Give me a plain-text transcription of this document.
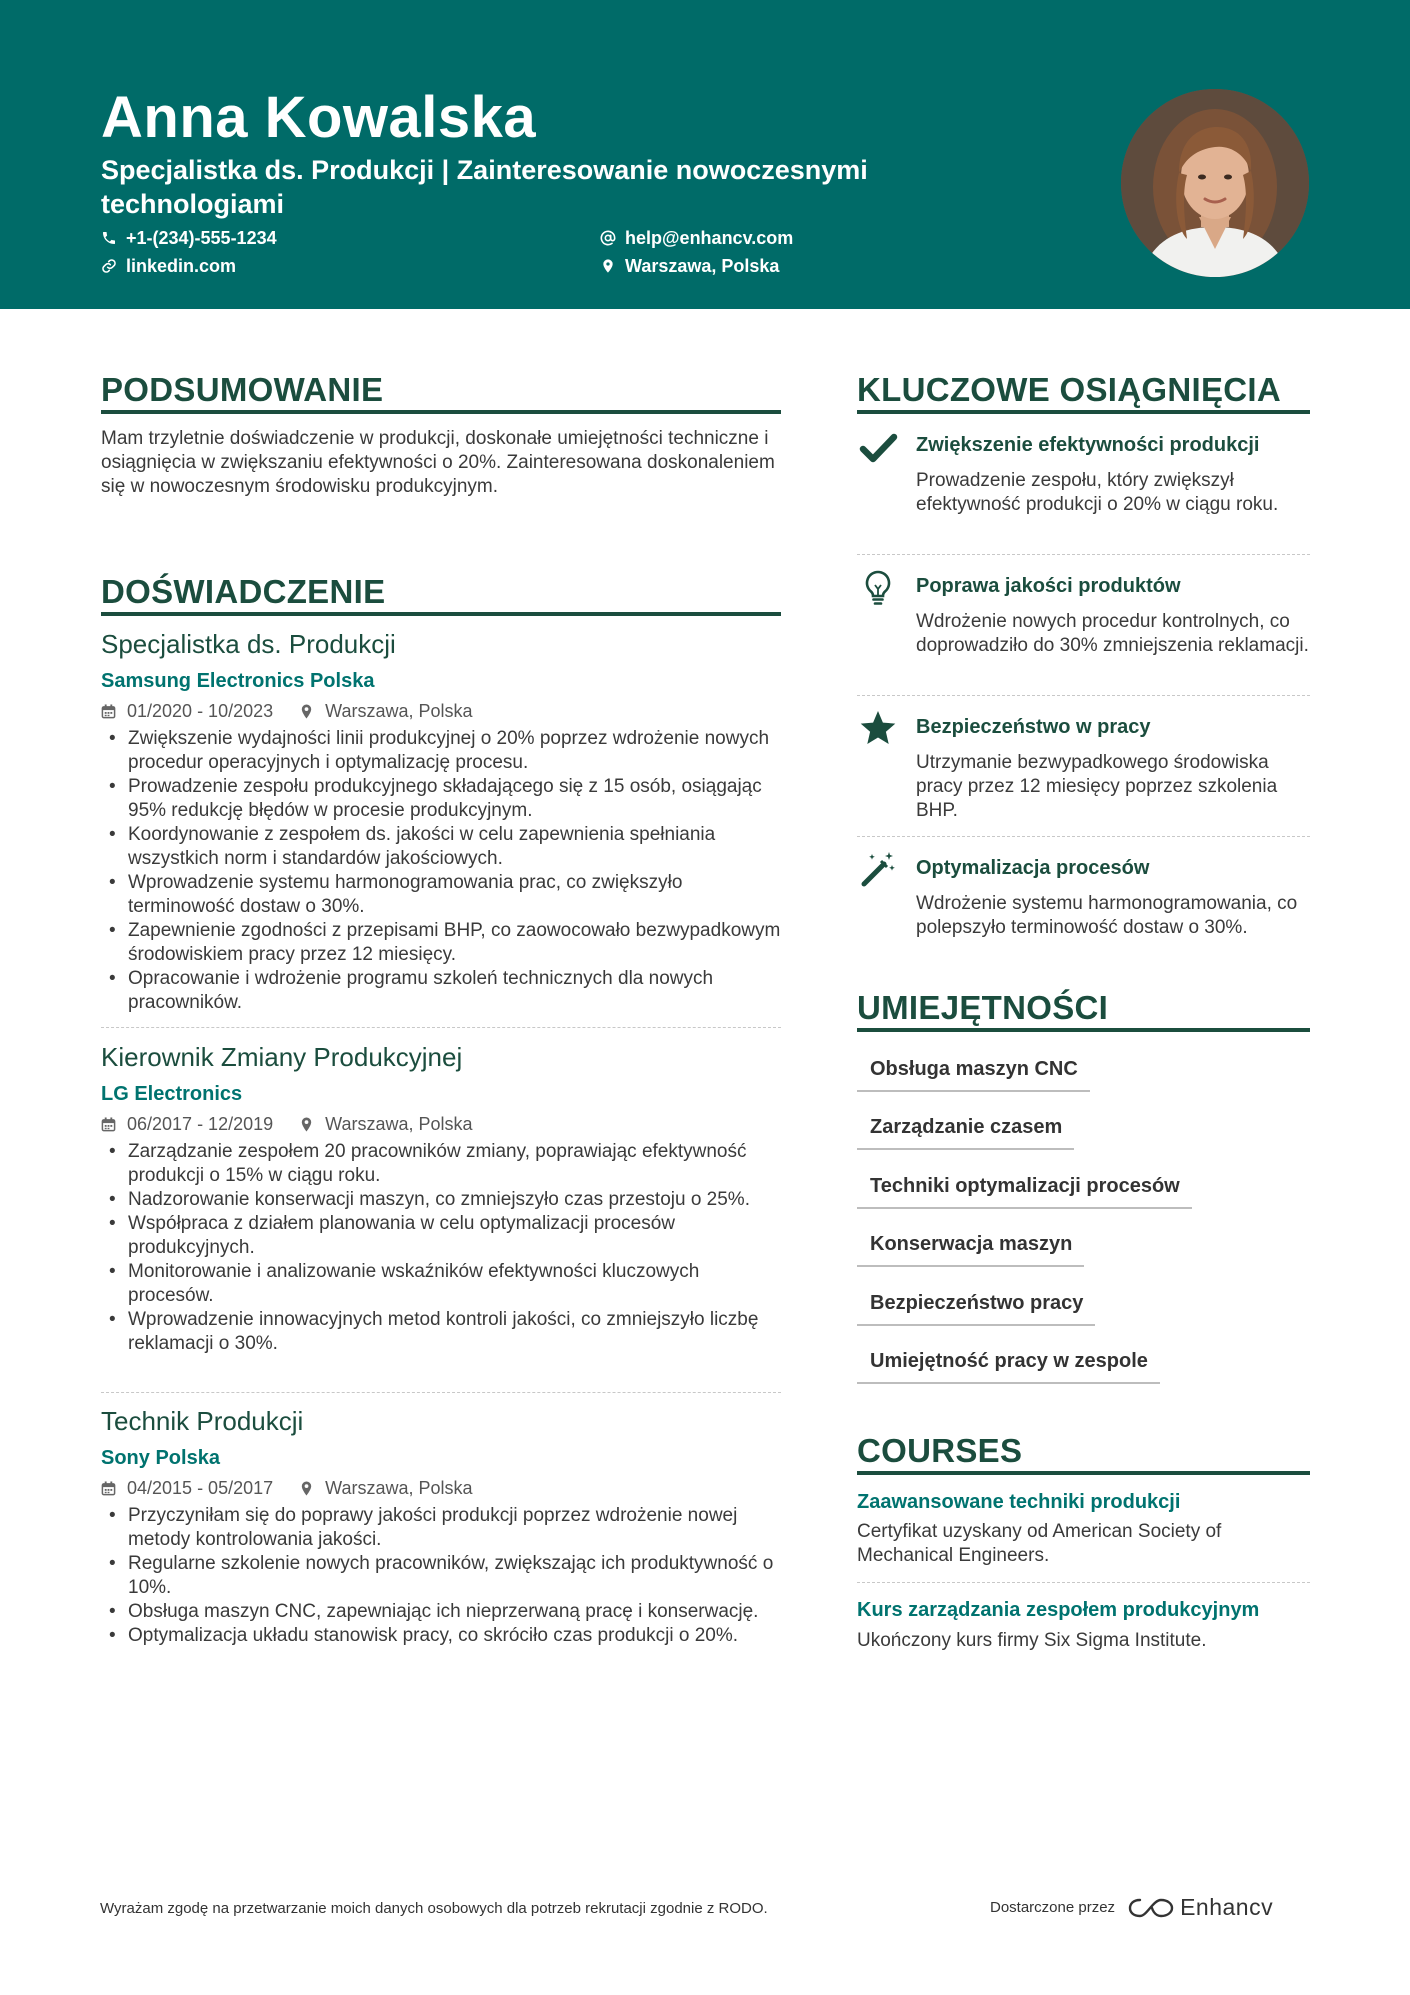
Anna Kowalska
Specjalistka ds. Produkcji | Zainteresowanie nowoczesnymi technologiami
+1-(234)-555-1234	help@enhancv.com
linkedin.com	Warszawa, Polska
PODSUMOWANIE
Mam trzyletnie doświadczenie w produkcji, doskonałe umiejętności techniczne i osiągnięcia w zwiększaniu efektywności o 20%. Zainteresowana doskonaleniem się w nowoczesnym środowisku produkcyjnym.
DOŚWIADCZENIE
Specjalistka ds. Produkcji
Samsung Electronics Polska
01/2020 - 10/2023	Warszawa, Polska
• Zwiększenie wydajności linii produkcyjnej o 20% poprzez wdrożenie nowych procedur operacyjnych i optymalizację procesu.
• Prowadzenie zespołu produkcyjnego składającego się z 15 osób, osiągając 95% redukcję błędów w procesie produkcyjnym.
• Koordynowanie z zespołem ds. jakości w celu zapewnienia spełniania wszystkich norm i standardów jakościowych.
• Wprowadzenie systemu harmonogramowania prac, co zwiększyło terminowość dostaw o 30%.
• Zapewnienie zgodności z przepisami BHP, co zaowocowało bezwypadkowym środowiskiem pracy przez 12 miesięcy.
• Opracowanie i wdrożenie programu szkoleń technicznych dla nowych pracowników.
Kierownik Zmiany Produkcyjnej
LG Electronics
06/2017 - 12/2019	Warszawa, Polska
• Zarządzanie zespołem 20 pracowników zmiany, poprawiając efektywność produkcji o 15% w ciągu roku.
• Nadzorowanie konserwacji maszyn, co zmniejszyło czas przestoju o 25%.
• Współpraca z działem planowania w celu optymalizacji procesów produkcyjnych.
• Monitorowanie i analizowanie wskaźników efektywności kluczowych procesów.
• Wprowadzenie innowacyjnych metod kontroli jakości, co zmniejszyło liczbę reklamacji o 30%.
Technik Produkcji
Sony Polska
04/2015 - 05/2017	Warszawa, Polska
• Przyczyniłam się do poprawy jakości produkcji poprzez wdrożenie nowej metody kontrolowania jakości.
• Regularne szkolenie nowych pracowników, zwiększając ich produktywność o 10%.
• Obsługa maszyn CNC, zapewniając ich nieprzerwaną pracę i konserwację.
• Optymalizacja układu stanowisk pracy, co skróciło czas produkcji o 20%.
KLUCZOWE OSIĄGNIĘCIA
Zwiększenie efektywności produkcji
Prowadzenie zespołu, który zwiększył efektywność produkcji o 20% w ciągu roku.
Poprawa jakości produktów
Wdrożenie nowych procedur kontrolnych, co doprowadziło do 30% zmniejszenia reklamacji.
Bezpieczeństwo w pracy
Utrzymanie bezwypadkowego środowiska pracy przez 12 miesięcy poprzez szkolenia BHP.
Optymalizacja procesów
Wdrożenie systemu harmonogramowania, co polepszyło terminowość dostaw o 30%.
UMIEJĘTNOŚCI
Obsługa maszyn CNC
Zarządzanie czasem
Techniki optymalizacji procesów
Konserwacja maszyn
Bezpieczeństwo pracy
Umiejętność pracy w zespole
COURSES
Zaawansowane techniki produkcji
Certyfikat uzyskany od American Society of Mechanical Engineers.
Kurs zarządzania zespołem produkcyjnym
Ukończony kurs firmy Six Sigma Institute.
Wyrażam zgodę na przetwarzanie moich danych osobowych dla potrzeb rekrutacji zgodnie z RODO.	Dostarczone przez	Enhancv
